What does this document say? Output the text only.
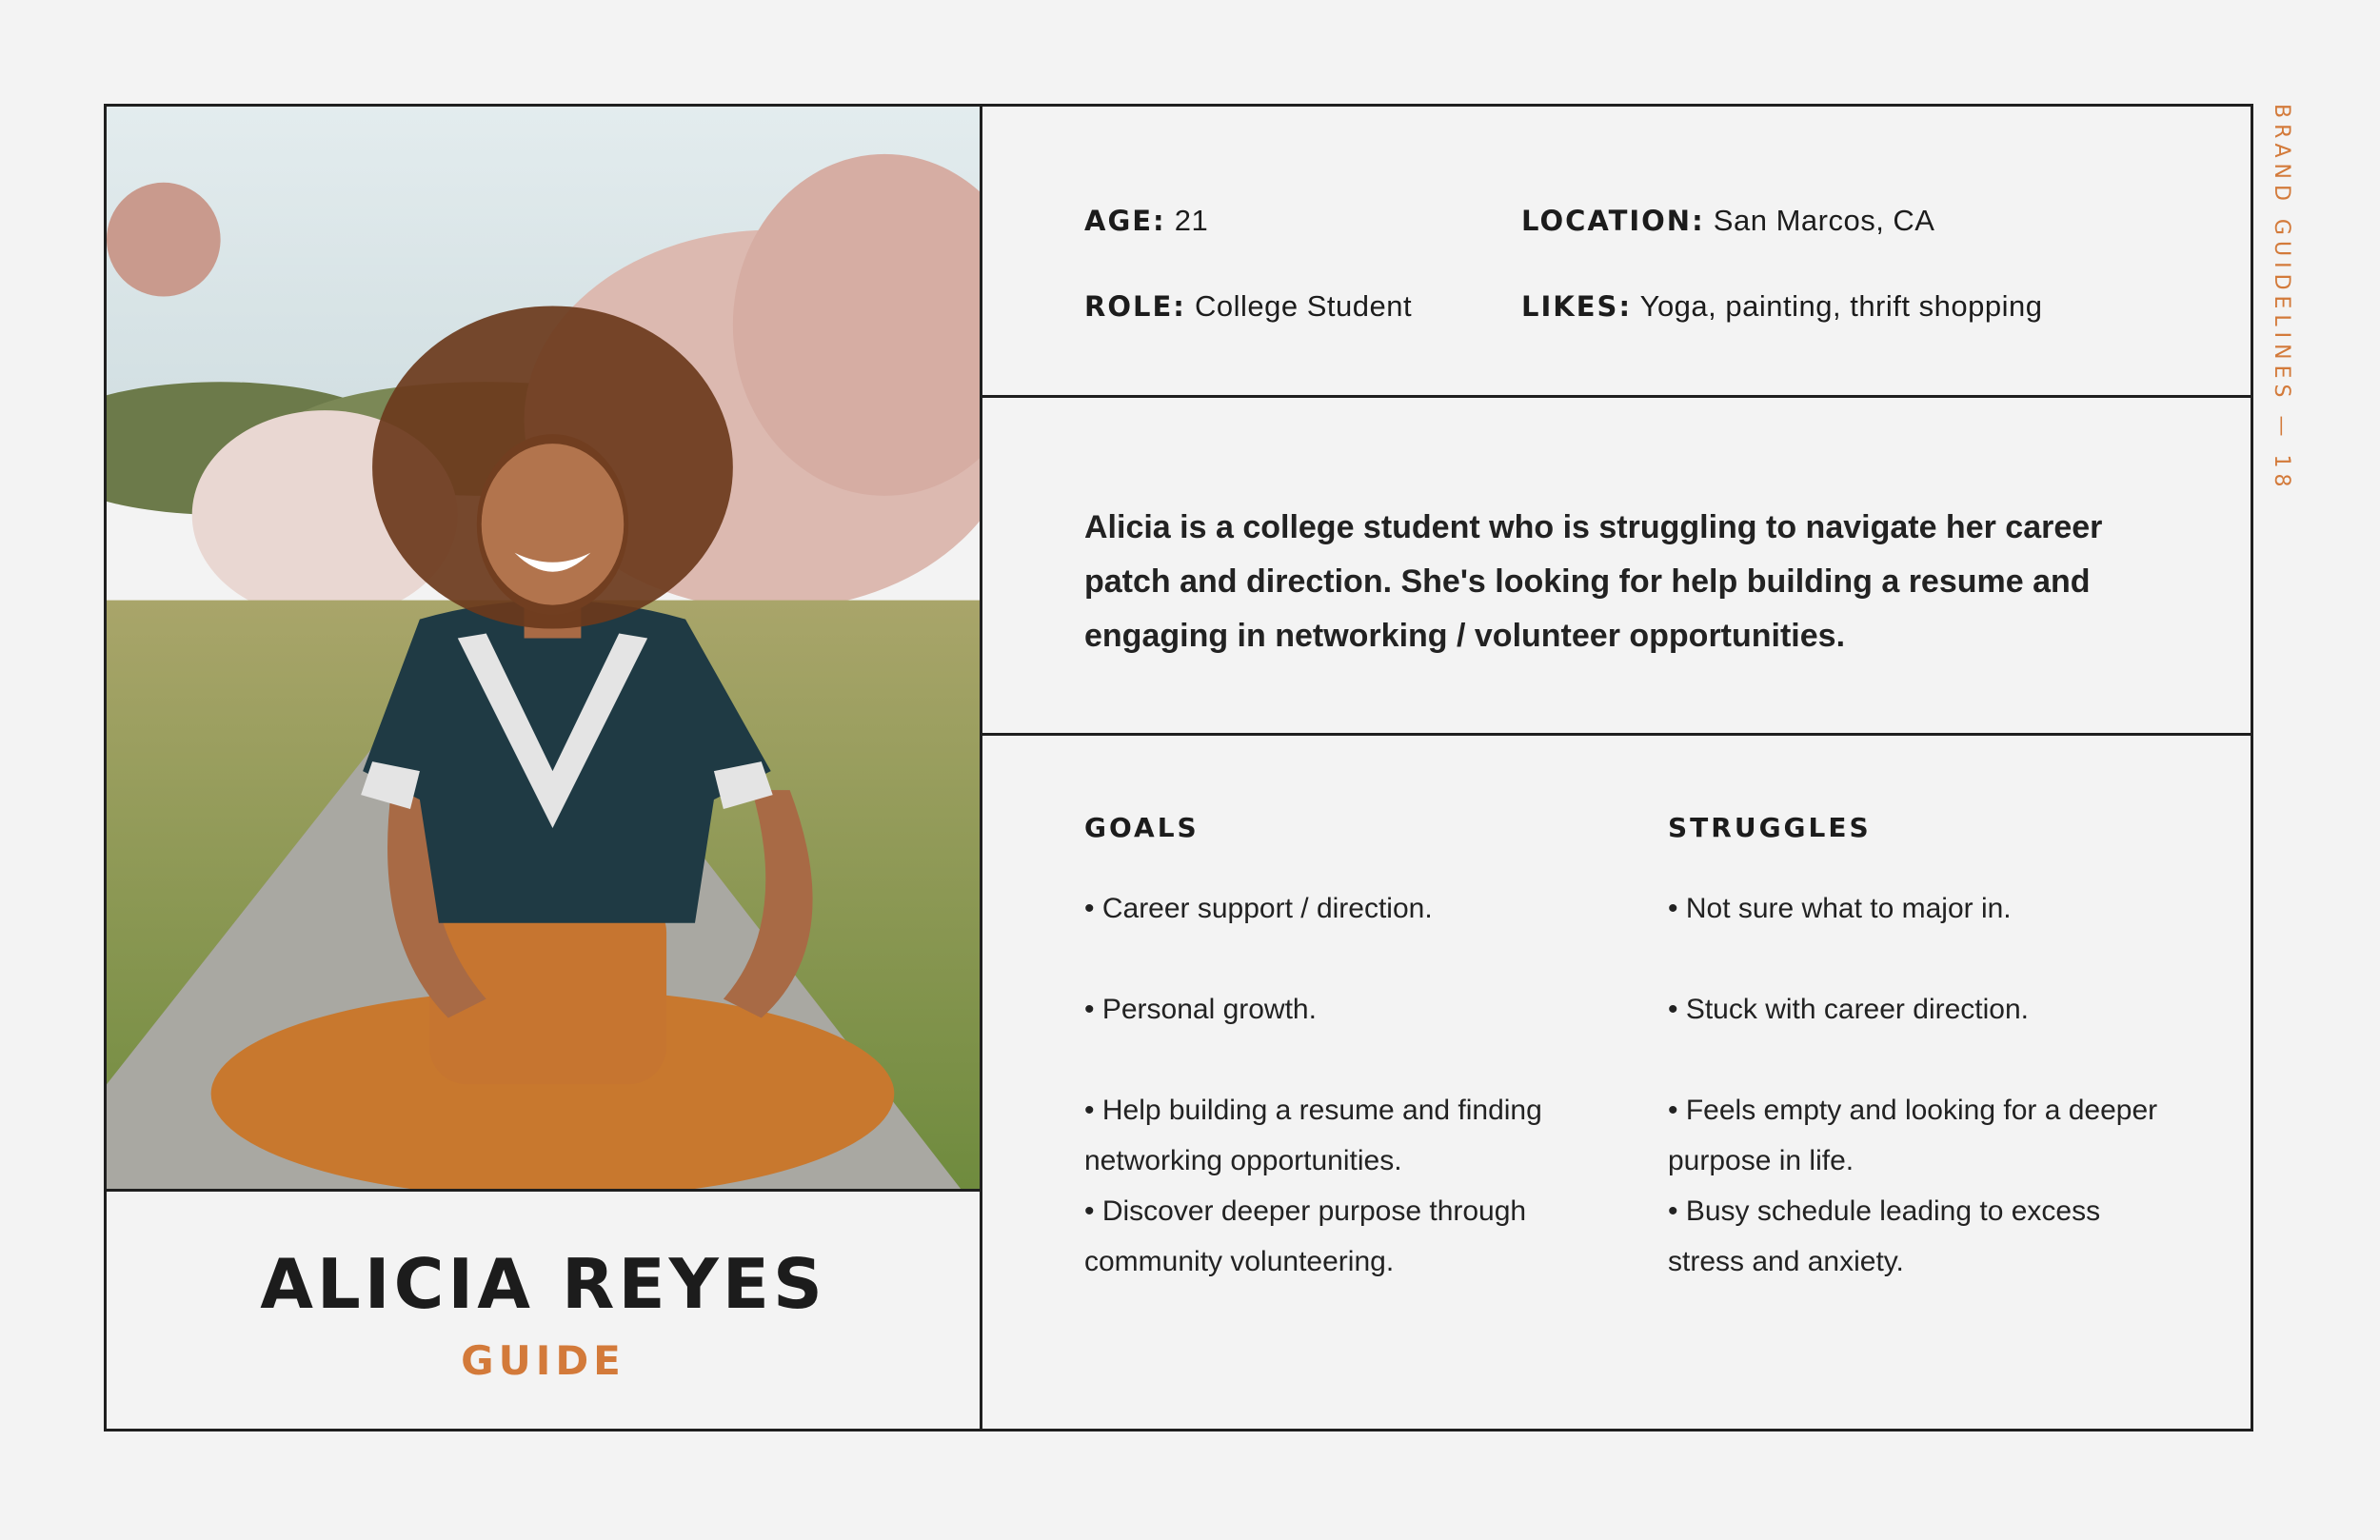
ALICIA REYES
GUIDE
AGE: 21	LOCATION: San Marcos, CA
ROLE: College Student	LIKES: Yoga, painting, thrift shopping

Alicia is a college student who is struggling to navigate her career patch and direction. She's looking for help building a resume and engaging in networking / volunteer opportunities.

GOALS
• Career support / direction.
• Personal growth.
• Help building a resume and finding networking opportunities.
• Discover deeper purpose through community volunteering.
STRUGGLES
• Not sure what to major in.
• Stuck with career direction.
• Feels empty and looking for a deeper purpose in life.
• Busy schedule leading to excess stress and anxiety.
BRAND GUIDELINES — 18
